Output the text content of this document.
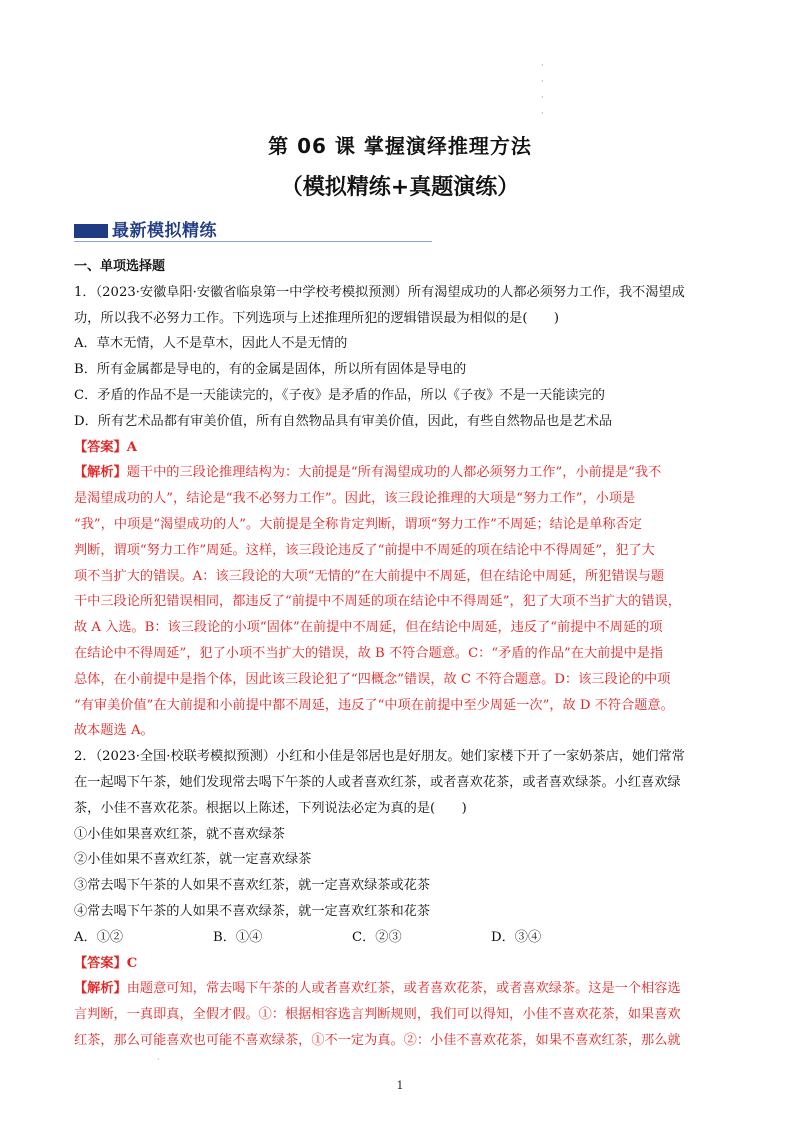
·
·
·
·
第 06 课 掌握演绎推理方法
（模拟精练+真题演练）
最新模拟精练

一、单项选择题

1．（2023·安徽阜阳·安徽省临泉第一中学校考模拟预测）所有渴望成功的人都必须努力工作，我不渴望成

功，所以我不必努力工作。下列选项与上述推理所犯的逻辑错误最为相似的是(　　)

A．草木无情，人不是草木，因此人不是无情的

B．所有金属都是导电的，有的金属是固体，所以所有固体是导电的

C．矛盾的作品不是一天能读完的，《子夜》是矛盾的作品，所以《子夜》不是一天能读完的

D．所有艺术品都有审美价值，所有自然物品具有审美价值，因此，有些自然物品也是艺术品

【答案】A

【解析】题干中的三段论推理结构为：大前提是“所有渴望成功的人都必须努力工作”，小前提是“我不

是渴望成功的人”，结论是“我不必努力工作”。因此，该三段论推理的大项是“努力工作”，小项是

“我”，中项是“渴望成功的人”。大前提是全称肯定判断，谓项“努力工作”不周延；结论是单称否定

判断，谓项“努力工作”周延。这样，该三段论违反了“前提中不周延的项在结论中不得周延”，犯了大

项不当扩大的错误。A：该三段论的大项“无情的”在大前提中不周延，但在结论中周延，所犯错误与题

干中三段论所犯错误相同，都违反了“前提中不周延的项在结论中不得周延”，犯了大项不当扩大的错误，

故 A 入选。B：该三段论的小项“固体”在前提中不周延，但在结论中周延，违反了“前提中不周延的项

在结论中不得周延”，犯了小项不当扩大的错误，故 B 不符合题意。C：“矛盾的作品”在大前提中是指

总体，在小前提中是指个体，因此该三段论犯了“四概念”错误，故 C 不符合题意。D：该三段论的中项

“有审美价值”在大前提和小前提中都不周延，违反了“中项在前提中至少周延一次”，故 D 不符合题意。

故本题选 A。

2．（2023·全国·校联考模拟预测）小红和小佳是邻居也是好朋友。她们家楼下开了一家奶茶店，她们常常

在一起喝下午茶，她们发现常去喝下午茶的人或者喜欢红茶，或者喜欢花茶，或者喜欢绿茶。小红喜欢绿

茶，小佳不喜欢花茶。根据以上陈述，下列说法必定为真的是(　　)

①小佳如果喜欢红茶，就不喜欢绿茶

②小佳如果不喜欢红茶，就一定喜欢绿茶

③常去喝下午茶的人如果不喜欢红茶，就一定喜欢绿茶或花茶

④常去喝下午茶的人如果不喜欢绿茶，就一定喜欢红茶和花茶

A．①②	B．①④	C．②③	D．③④

【答案】C

【解析】由题意可知，常去喝下午茶的人或者喜欢红茶，或者喜欢花茶，或者喜欢绿茶。这是一个相容选

言判断，一真即真，全假才假。①：根据相容选言判断规则，我们可以得知，小佳不喜欢花茶，如果喜欢

红茶，那么可能喜欢也可能不喜欢绿茶，①不一定为真。②：小佳不喜欢花茶，如果不喜欢红茶，那么就

·
1
